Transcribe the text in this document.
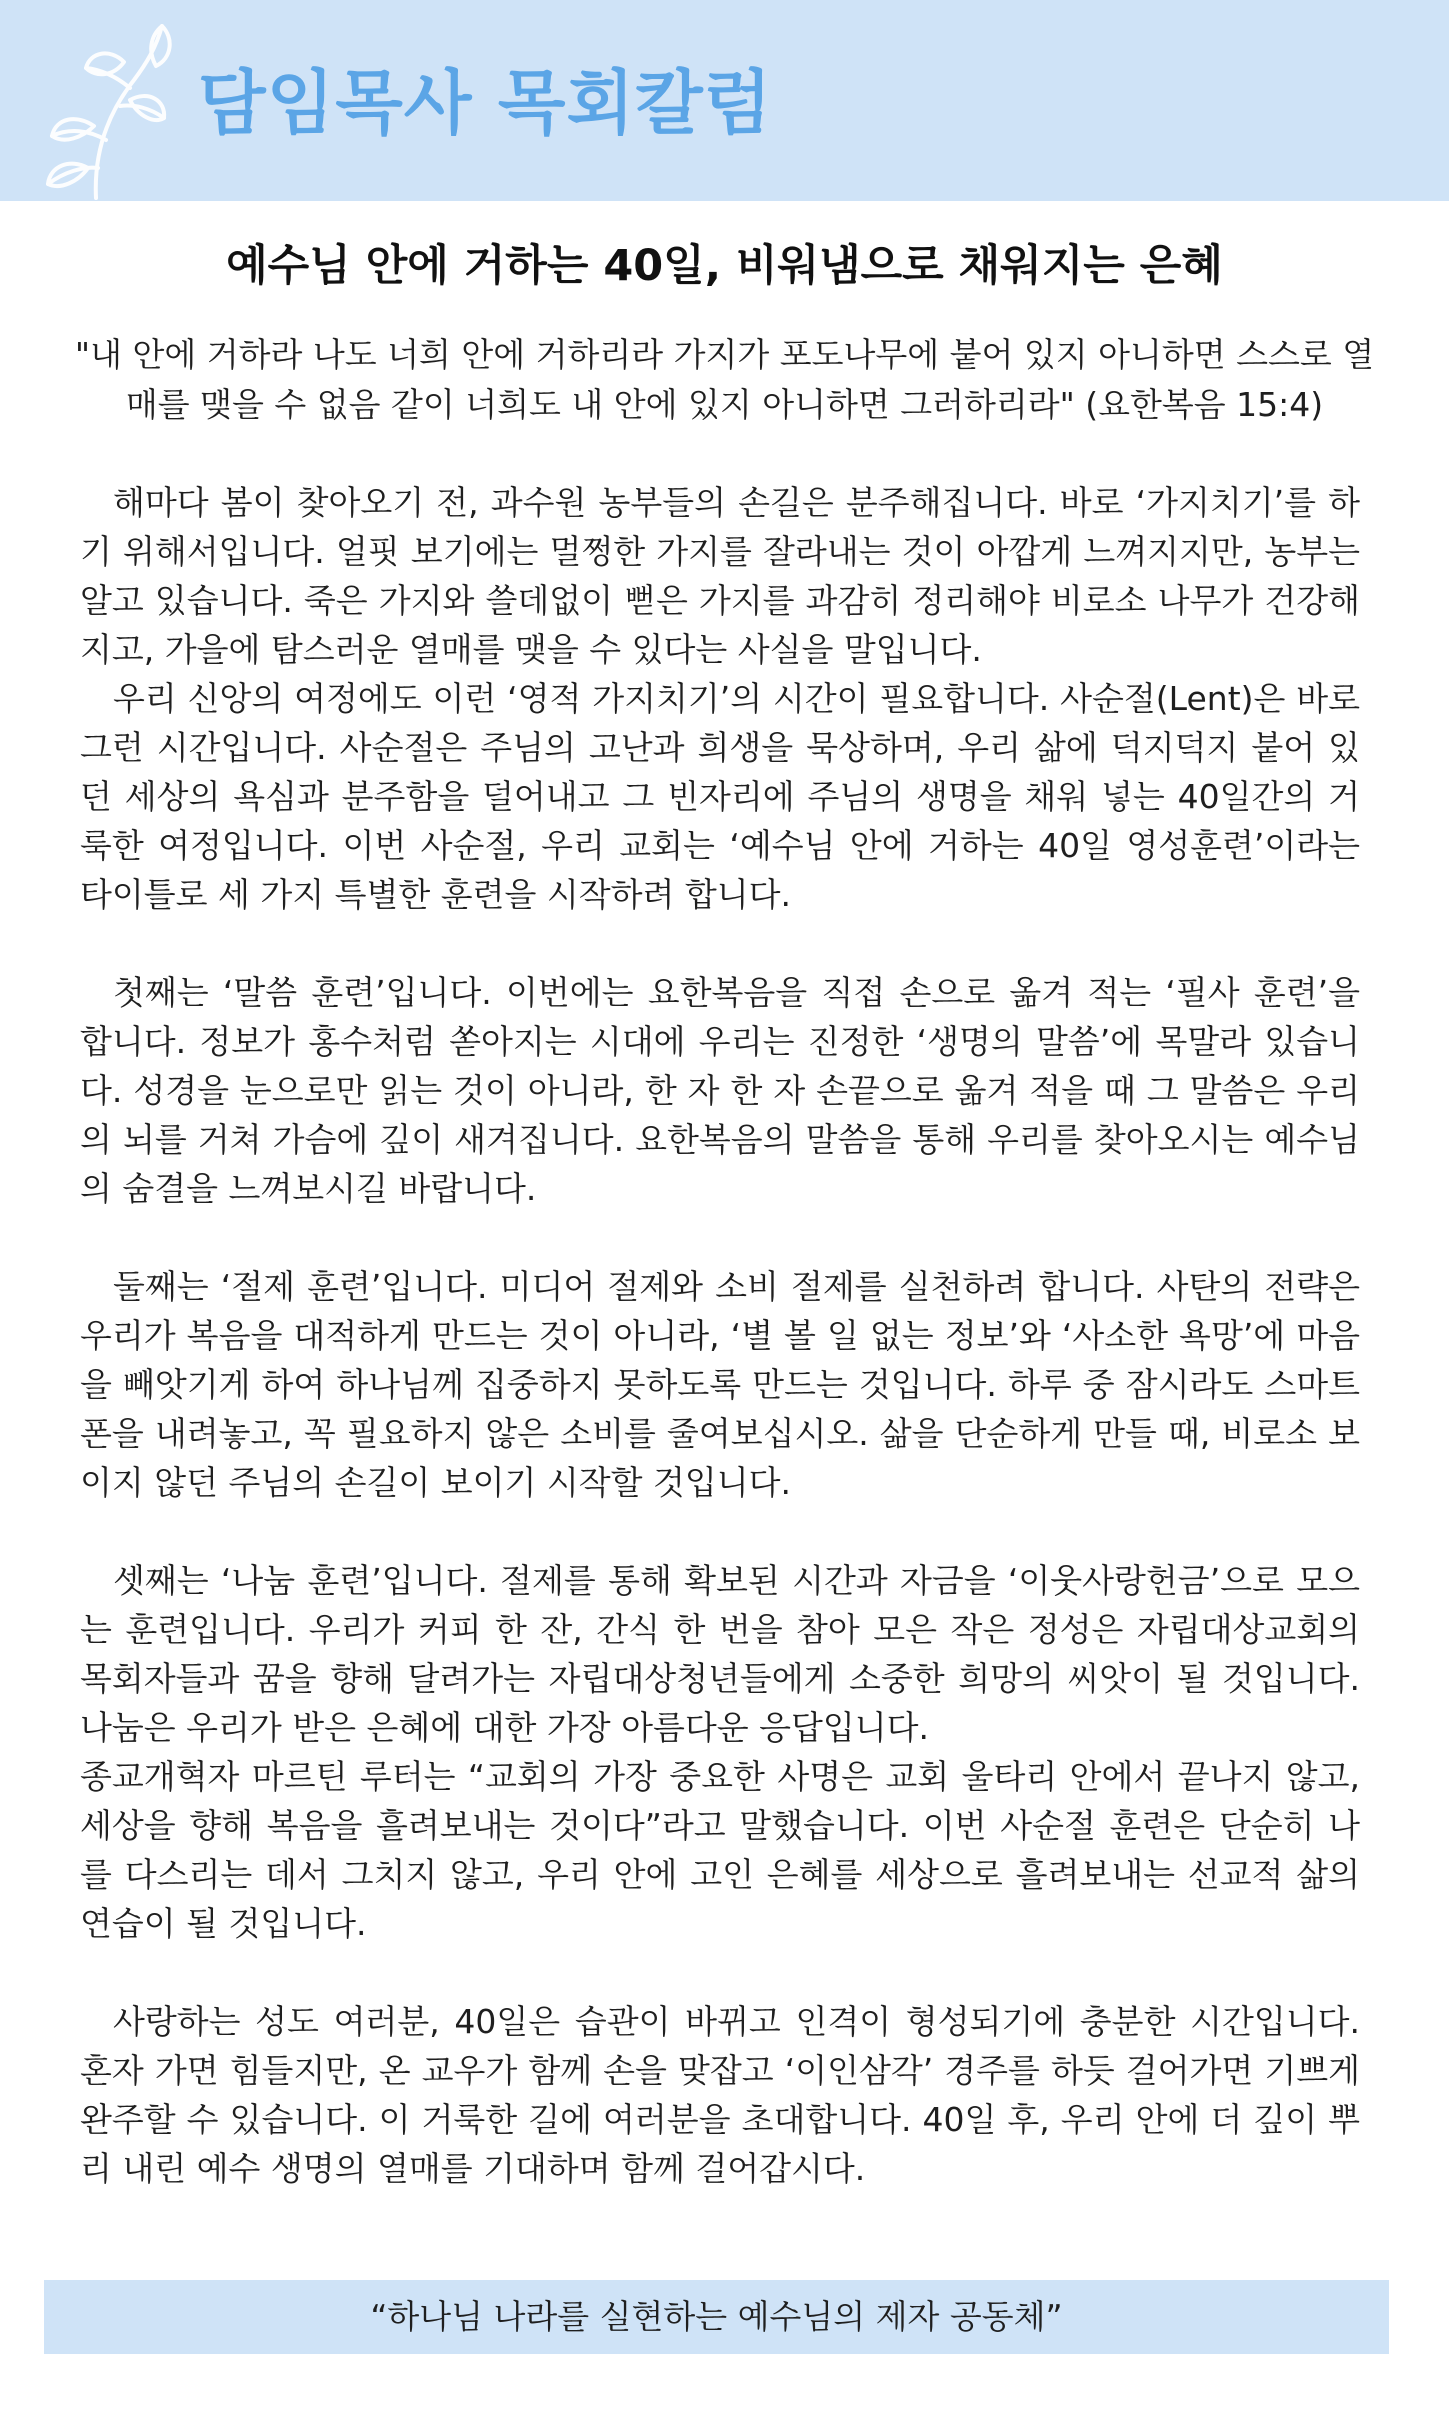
담임목사 목회칼럼
예수님 안에 거하는 40일, 비워냄으로 채워지는 은혜
"내 안에 거하라 나도 너희 안에 거하리라 가지가 포도나무에 붙어 있지 아니하면 스스로 열매를 맺을 수 없음 같이 너희도 내 안에 있지 아니하면 그러하리라" (요한복음 15:4)

해마다 봄이 찾아오기 전, 과수원 농부들의 손길은 분주해집니다. 바로 ‘가지치기’를 하기 위해서입니다. 얼핏 보기에는 멀쩡한 가지를 잘라내는 것이 아깝게 느껴지지만, 농부는 알고 있습니다. 죽은 가지와 쓸데없이 뻗은 가지를 과감히 정리해야 비로소 나무가 건강해지고, 가을에 탐스러운 열매를 맺을 수 있다는 사실을 말입니다.

우리 신앙의 여정에도 이런 ‘영적 가지치기’의 시간이 필요합니다. 사순절(Lent)은 바로 그런 시간입니다. 사순절은 주님의 고난과 희생을 묵상하며, 우리 삶에 덕지덕지 붙어 있던 세상의 욕심과 분주함을 덜어내고 그 빈자리에 주님의 생명을 채워 넣는 40일간의 거룩한 여정입니다. 이번 사순절, 우리 교회는 ‘예수님 안에 거하는 40일 영성훈련’이라는 타이틀로 세 가지 특별한 훈련을 시작하려 합니다.

첫째는 ‘말씀 훈련’입니다. 이번에는 요한복음을 직접 손으로 옮겨 적는 ‘필사 훈련’을 합니다. 정보가 홍수처럼 쏟아지는 시대에 우리는 진정한 ‘생명의 말씀’에 목말라 있습니다. 성경을 눈으로만 읽는 것이 아니라, 한 자 한 자 손끝으로 옮겨 적을 때 그 말씀은 우리의 뇌를 거쳐 가슴에 깊이 새겨집니다. 요한복음의 말씀을 통해 우리를 찾아오시는 예수님의 숨결을 느껴보시길 바랍니다.

둘째는 ‘절제 훈련’입니다. 미디어 절제와 소비 절제를 실천하려 합니다. 사탄의 전략은 우리가 복음을 대적하게 만드는 것이 아니라, ‘별 볼 일 없는 정보’와 ‘사소한 욕망’에 마음을 빼앗기게 하여 하나님께 집중하지 못하도록 만드는 것입니다. 하루 중 잠시라도 스마트폰을 내려놓고, 꼭 필요하지 않은 소비를 줄여보십시오. 삶을 단순하게 만들 때, 비로소 보이지 않던 주님의 손길이 보이기 시작할 것입니다.

셋째는 ‘나눔 훈련’입니다. 절제를 통해 확보된 시간과 자금을 ‘이웃사랑헌금’으로 모으는 훈련입니다. 우리가 커피 한 잔, 간식 한 번을 참아 모은 작은 정성은 자립대상교회의 목회자들과 꿈을 향해 달려가는 자립대상청년들에게 소중한 희망의 씨앗이 될 것입니다. 나눔은 우리가 받은 은혜에 대한 가장 아름다운 응답입니다.

종교개혁자 마르틴 루터는 “교회의 가장 중요한 사명은 교회 울타리 안에서 끝나지 않고, 세상을 향해 복음을 흘려보내는 것이다”라고 말했습니다. 이번 사순절 훈련은 단순히 나를 다스리는 데서 그치지 않고, 우리 안에 고인 은혜를 세상으로 흘려보내는 선교적 삶의 연습이 될 것입니다.

사랑하는 성도 여러분, 40일은 습관이 바뀌고 인격이 형성되기에 충분한 시간입니다. 혼자 가면 힘들지만, 온 교우가 함께 손을 맞잡고 ‘이인삼각’ 경주를 하듯 걸어가면 기쁘게 완주할 수 있습니다. 이 거룩한 길에 여러분을 초대합니다. 40일 후, 우리 안에 더 깊이 뿌리 내린 예수 생명의 열매를 기대하며 함께 걸어갑시다.

“하나님 나라를 실현하는 예수님의 제자 공동체”
